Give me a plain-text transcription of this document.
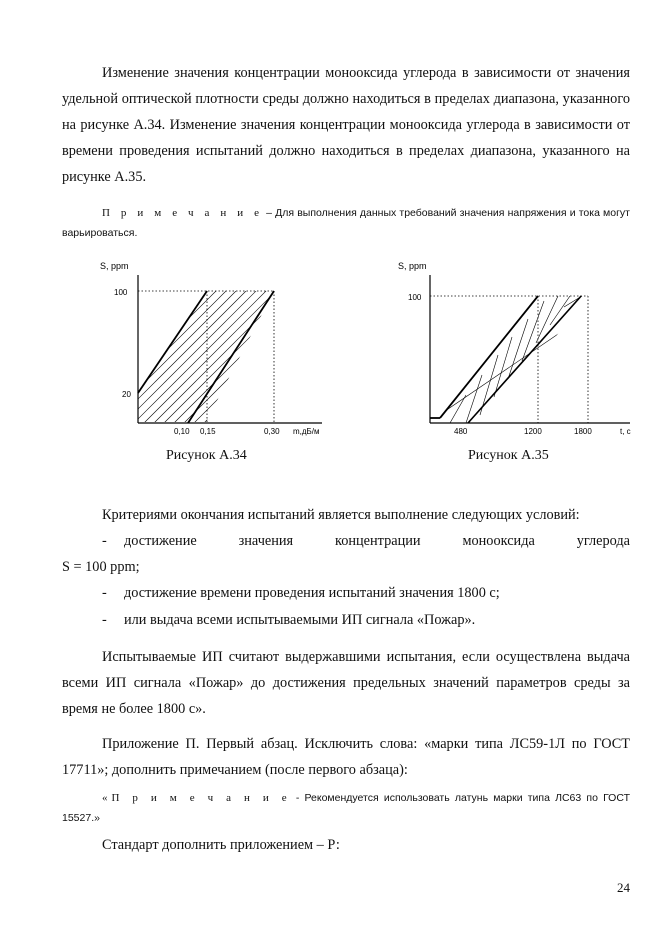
Изменение значения концентрации монооксида углерода в зависимости от значения удельной оптической плотности среды должно находиться в пределах диапазона, указанного на рисунке А.34. Изменение значения концентрации монооксида углерода в зависимости от времени проведения испытаний должно находиться в пределах диапазона, указанного на рисунке А.35.

П р и м е ч а н и е – Для выполнения данных требований значения напряжения и тока могут варьироваться.
S, ppm
100
20
0,10 0,15	0,30 m,дБ/м
Рисунок А.34
S, ppm
100
480	1200	1800	t, c
Рисунок А.35

Критериями окончания испытаний является выполнение следующих условий:

- достижение   значения   концентрации   монооксида   углерода
S = 100 ppm;
- достижение времени проведения испытаний значения 1800 с;
- или выдача всеми испытываемыми ИП сигнала «Пожар».

Испытываемые ИП считают выдержавшими испытания, если осуществлена выдача всеми ИП сигнала «Пожар» до достижения предельных значений параметров среды за время не более 1800 с».

Приложение П. Первый абзац. Исключить слова: «марки типа ЛС59-1Л по ГОСТ 17711»; дополнить примечанием (после первого абзаца):

«П р и м е ч а н и е - Рекомендуется использовать латунь марки типа ЛС63 по ГОСТ 15527.»

Стандарт дополнить приложением – Р:

24
